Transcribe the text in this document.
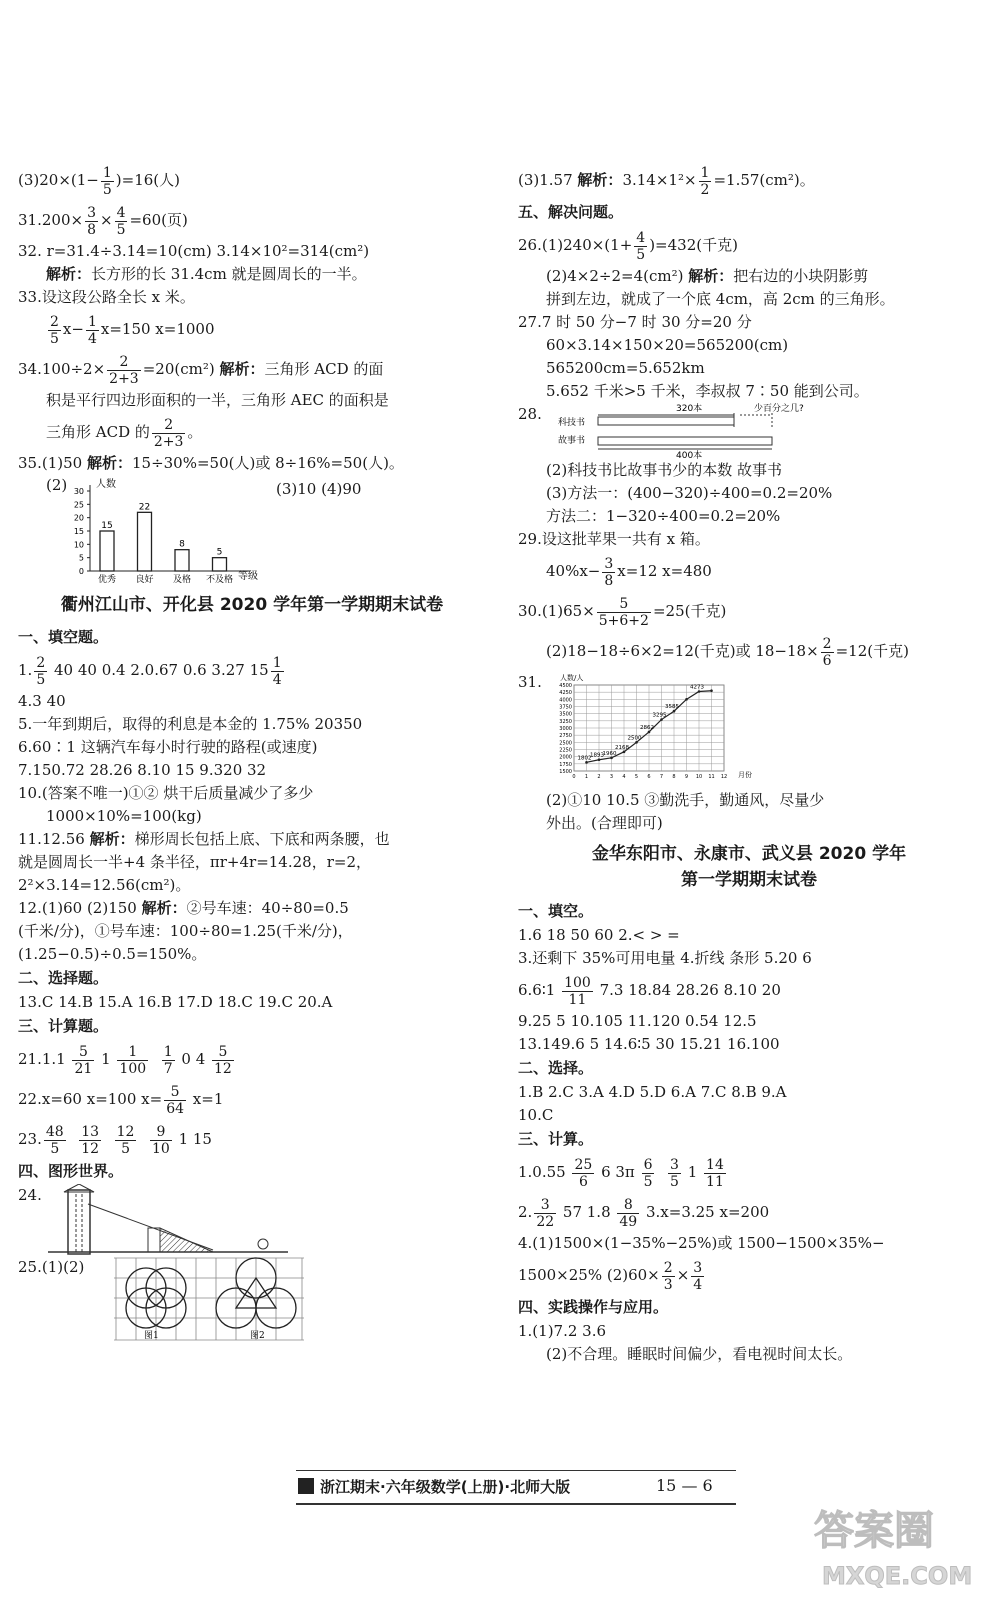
$(3)20\times(1- \frac{1}{5} )=16$(人)
$31.200\times \frac{3}{8} \times \frac{4}{5} =60$(页)
32. r=31.4÷3.14=10(cm) 3.14×10²=314(cm²)
解析：长方形的长 31.4cm 就是圆周长的一半。
33.设这段公路全长 x 米。
$\frac{2}{5} x- \frac{1}{4} x=150$ x=1000
$34.100\div 2\times \frac{2}{2+3} =20(cm^2)$ 解析：三角形 ACD 的面
积是平行四边形面积的一半，三角形 AEC 的面积是
三角形 ACD 的 $\frac{2}{2+3}$ 。
35.(1)50 解析：15÷30%=50(人)或 8÷16%=50(人)。
(2)	(3)10 (4)90
人数
等级
0
5
10
15
20
25
30
15
优秀
22
良好
8
及格
5
不及格
衢州江山市、开化县 2020 学年第一学期期末试卷
一、填空题。
1. $\frac{2}{5} 40$ 40 0.4 2.0.67 0.6 3.27 $15 \frac{1}{4}$
4.3 40
5.一年到期后，取得的利息是本金的 1.75% 20350
6.60∶1 这辆汽车每小时行驶的路程(或速度)
7.150.72 28.26 8.10 15 9.320 32
10.(答案不唯一)①② 烘干后质量减少了多少
1000×10%=100(kg)
11.12.56 解析：梯形周长包括上底、下底和两条腰，也
就是圆周长一半+4 条半径，πr+4r=14.28，r=2，
2²×3.14=12.56(cm²)。
12.(1)60 (2)150 解析：②号车速：40÷80=0.5
(千米/分)，①号车速：100÷80=1.25(千米/分)，
(1.25−0.5)÷0.5=150%。
二、选择题。
13.C 14.B 15.A 16.B 17.D 18.C 19.C 20.A
三、计算题。
$21.1.1 \frac{5}{21} 1 \frac{1}{100}$
$\frac{1}{7} 0$ $4 \frac{5}{12}$
22.x=60 x=100 $x= \frac{5}{64} x=1$
23. $\frac{48}{5}$
$\frac{13}{12}$
$\frac{12}{5}$
$\frac{9}{10} 1$ 15
四、图形世界。
24.
25.(1)(2)
图1	图2
(3)1.57 解析：$3.14\times 1^2\times \frac{1}{2} =1.57(cm^2)$。
五、解决问题。
$26.(1)240\times(1+ \frac{4}{5} )=432$(千克)
(2)4×2÷2=4(cm²) 解析：把右边的小块阴影剪
拼到左边，就成了一个底 4cm，高 2cm 的三角形。
27.7 时 50 分−7 时 30 分=20 分
60×3.14×150×20=565200(cm)
565200cm=5.652km
5.652 千米>5 千米，李叔叔 7∶50 能到公司。
28.	320本	少百分之几?
科技书
故事书
400本
(2)科技书比故事书少的本数 故事书
(3)方法一：(400−320)÷400=0.2=20%
方法二：1−320÷400=0.2=20%
29.设这批苹果一共有 x 箱。
$40\%x- \frac{3}{8} x=12$ x=480
$30.(1)65\times \frac{5}{5+6+2} =25$(千克)
(2)18−18÷6×2=12(千克)或 $18-18\times \frac{2}{6} =12$(千克)
31.	人数/人
月份
1500
1750
2000
2250
2500
2750
3000
3250
3500
3750
4000
4250
4500
0 1 2 3 4 5 6 7 8 9 10 11 12
1802
1893
1960
2168
2500
2862
3295
3585
4273
(2)①10 10.5 ③勤洗手，勤通风，尽量少
外出。(合理即可)
金华东阳市、永康市、武义县 2020 学年
第一学期期末试卷
一、填空。
1.6 18 50 60 2.< > =
3.还剩下 35%可用电量 4.折线 条形 5.20 6
6.6∶1 $\frac{100}{11} 7.3$ 18.84 28.26 8.10 20
9.25 5 10.105 11.120 0.54 12.5
13.149.6 5 14.6∶5 30 15.21 16.100
二、选择。
1.B 2.C 3.A 4.D 5.D 6.A 7.C 8.B 9.A
10.C
三、计算。
$1.0.55 \frac{25}{6} 6$ $3\pi \frac{6}{5}$
$\frac{3}{5} 1 \frac{14}{11}$
2. $\frac{3}{22} 57$ $1.8 \frac{8}{49} 3.x=3.25$ x=200
4.(1)1500×(1−35%−25%)或 1500−1500×35%−
1500×25% $(2)60\times \frac{2}{3} \times \frac{3}{4}$
四、实践操作与应用。
1.(1)7.2 3.6
(2)不合理。睡眠时间偏少，看电视时间太长。
浙江期末·六年级数学(上册)·北师大版	15 — 6
答案圈
MXQE.COM
